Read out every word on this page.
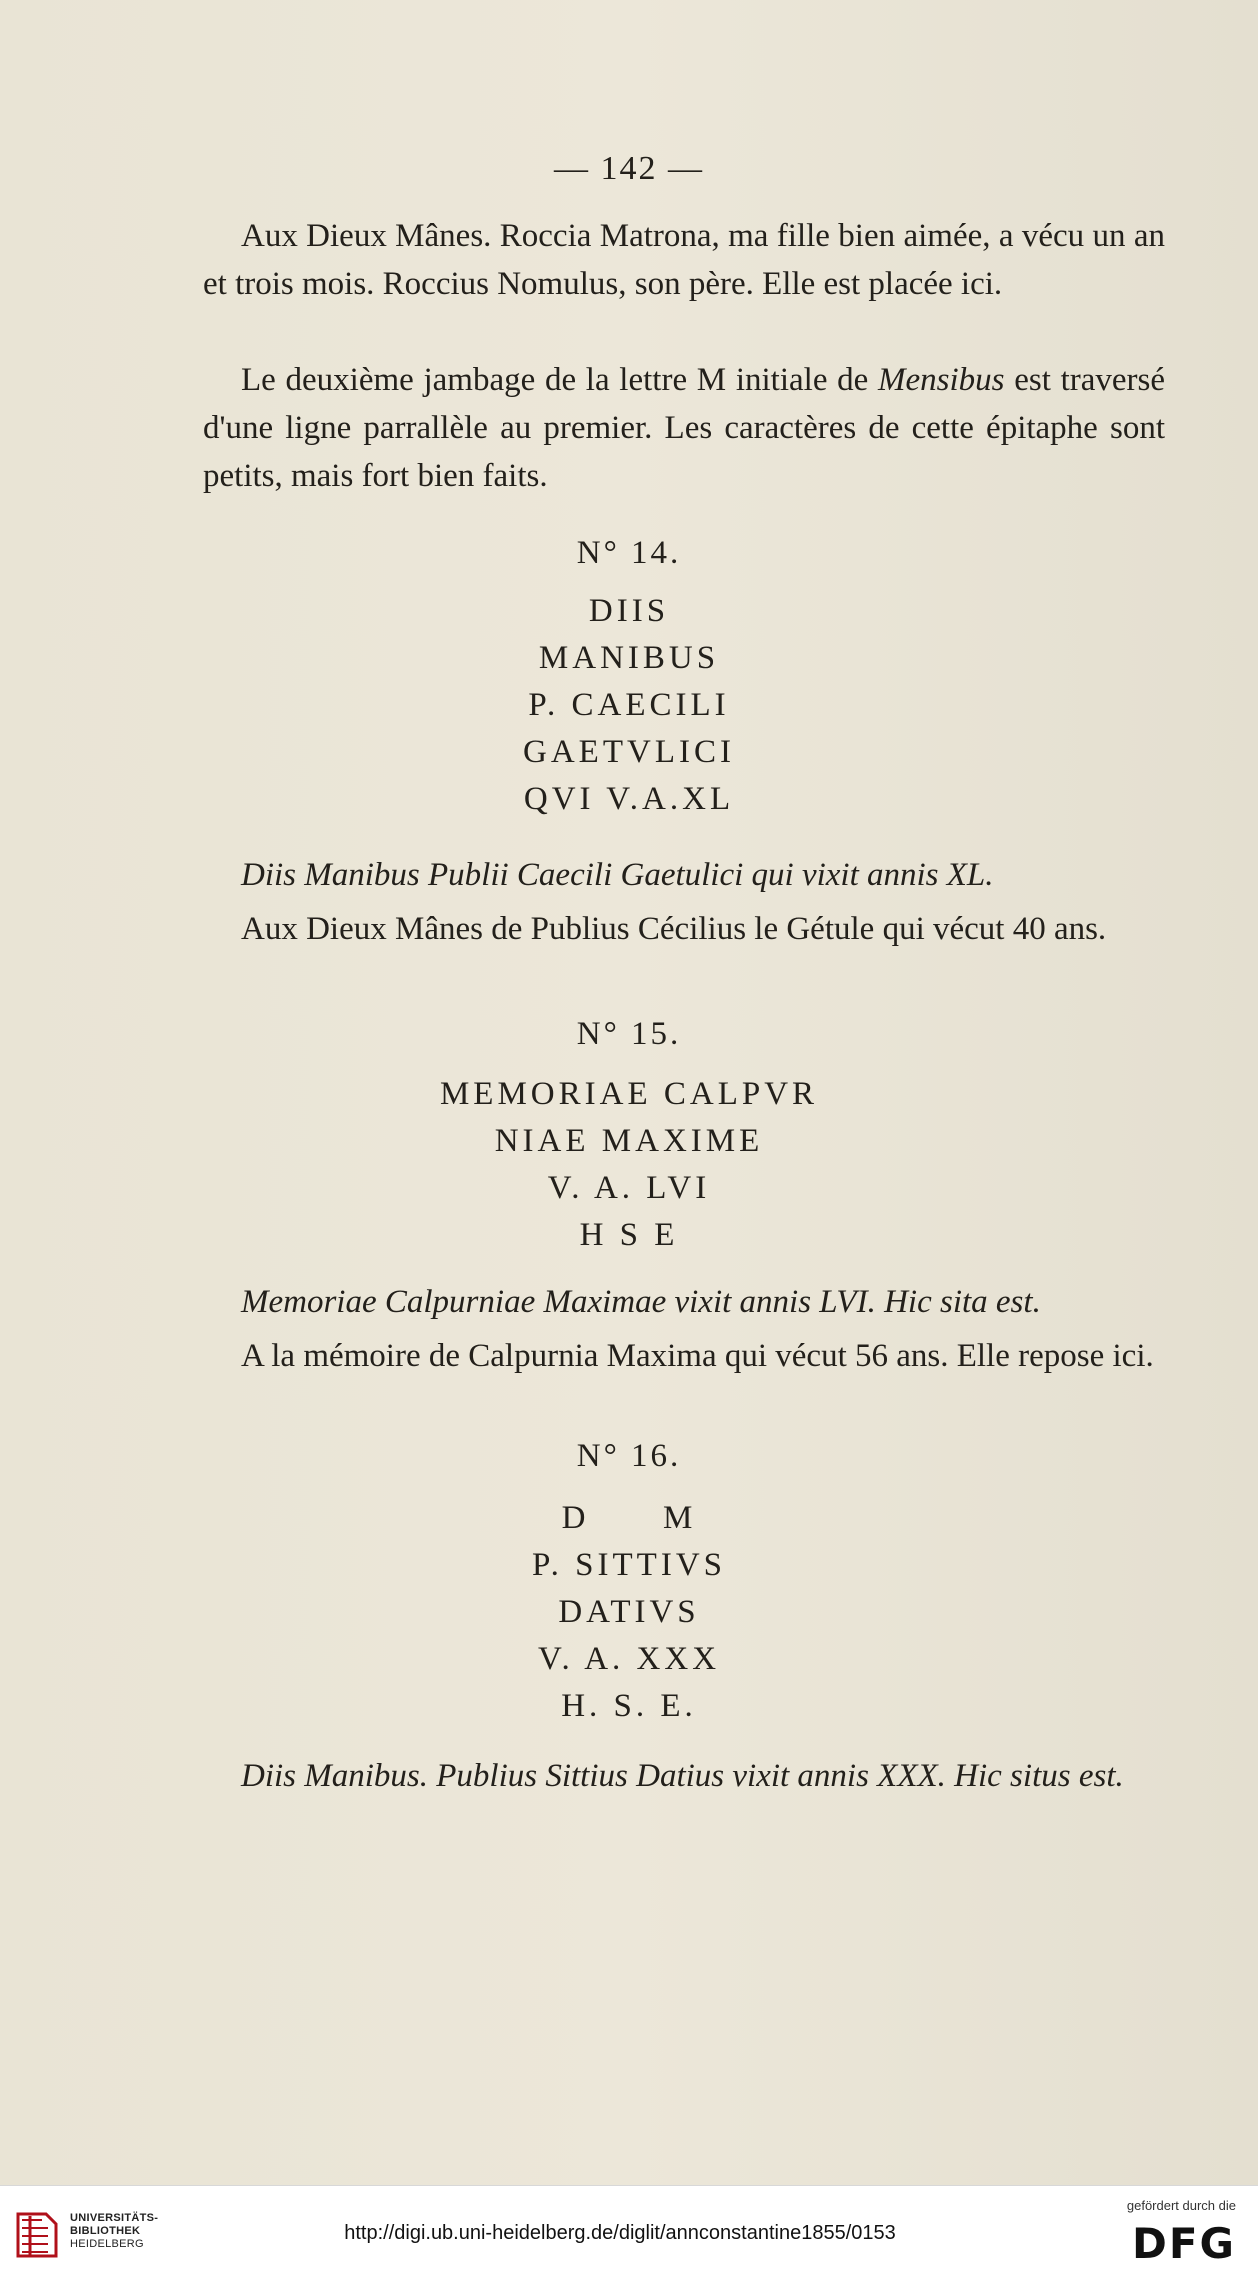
— 142 —

Aux Dieux Mânes. Roccia Matrona, ma fille bien aimée, a vécu un an et trois mois. Roccius Nomulus, son père. Elle est placée ici.

Le deuxième jambage de la lettre M initiale de Mensibus est traversé d'une ligne parrallèle au premier. Les caractères de cette épitaphe sont petits, mais fort bien faits.

N° 14.

DIIS

MANIBUS

P. CAECILI

GAETVLICI

QVI V.A.XL

Diis Manibus Publii Caecili Gaetulici qui vixit annis XL.

Aux Dieux Mânes de Publius Cécilius le Gétule qui vécut 40 ans.

N° 15.

MEMORIAE CALPVR

NIAE MAXIME

V. A. LVI

H S E

Memoriae Calpurniae Maximae vixit annis LVI. Hic sita est.

A la mémoire de Calpurnia Maxima qui vécut 56 ans. Elle repose ici.

N° 16.

D      M

P. SITTIVS

DATIVS

V. A. XXX

H. S. E.

Diis Manibus. Publius Sittius Datius vixit annis XXX. Hic situs est.

UNIVERSITÄTS-
BIBLIOTHEK
HEIDELBERG	http://digi.ub.uni-heidelberg.de/diglit/annconstantine1855/0153
gefördert durch die
DFG
